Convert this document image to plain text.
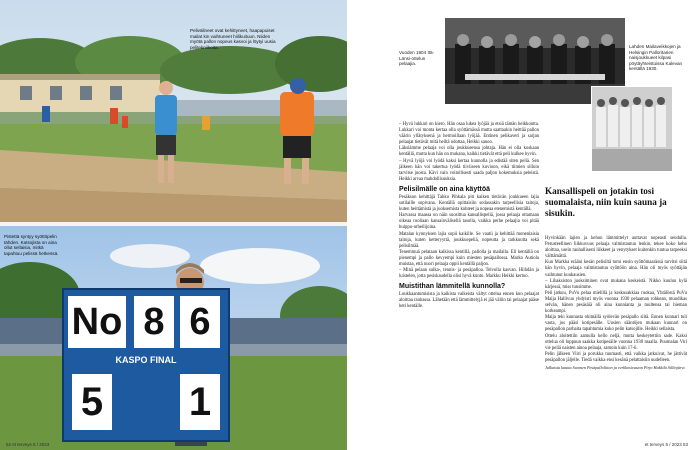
Pelivälineet ovat kehittyneet, haapapuiset mailat kin vaihtuneet hiilikuituun. Niiden myötä pallon nopeus kasvoi ja löytyi uusia pelitekniikoita.
No 8 6
KASPO FINAL
5 1
Pistettä syntyy syöttöpelin tähden. Katsojista on aina ollut sellaisia, mitkä tapahtuu pelissä hetkessä.
52 et terveys 5 / 2023
Vuoden 1904 Itä-Länsi-ottelun pelaajia.
Lahden Mailaveikkojen ja Helsingin Palloritarien naisjoukkueet kilpasi pöytäyhteistuissa Kalevan kentällä 1930.

– Hyvä lukkari on kiero. Hän osaa lukea lyöjää ja etsiä tämän heikkoutta. Lukkari voi monta kertaa olla syöttämässä mutta saattaakin heittää pallon väärin yllätyksenä ja hermoillaan lyöjää. Entinen pelikaveri ja sarjan pelaajat tietävät mitä heiltä odottaa, Heikki sanoo.

Läksiämme pelaaja voi olla joukkueensa johtaja. Hän ei olla koskaan kentällä, mutta kun hän on mukana, kaikki tietävät että peli kulkee hyvin.

– Hyvä lyöjä voi lyödä kaksi kertaa kunnolla ja edistää siten peliä. Sen jälkeen hän voi takertua lyödä tiiviiseen kuvioon, eikä tiimien silloin tarvitse juosta. Kävi vain voitollisesti saada paljon kokemuksia peleistä. Heikki arvaa mahdollisuuksia.

Pelisilmälle on aina käyttöä

Pesäkson kehittäjä Tahko Pihkala piti kaiken tietävän joukkueen lajia sotilaille sopivana. Kentällä opittaisiin sodassakin tarpeellisia taitoja, kuten heittämistä ja juoksemista kohteet ja nopeaa etenemistä kentällä.

Harvassa maassa on näin suosittua kansallispeliä, jossa pelaaja ottamaan oikeaa rooliaan kansainvälisellä tasolla, vaikka perhe pelaajia voi pitää huippu-urheilijoina.

Matalan kynnyksen lajia sopii kaikille. Se vaatii ja kehittää monenlaisia taitoja, kuten ketteryyttä, joukkuepeliä, nopeutta ja tarkkuutta sekä pelisilmää.

Tenemmuä pelataan kaikissa kentillä, pallolla ja mailalla. Eli kentällä on pienempi ja pallo kevyempi kuin miesten pesäpallossa. Marko Autiola muistaa, että nuori pelaaja oppii kentällä paljon.

– Minä pelaan sulka-, tennis- ja pesäpalloa. Telvolla kasvan. Hiihdän ja luistelen, jotta pesiskaudella olisi hyvä kunto. Markku Heikki kertoo.

Muistithan lämmitellä kunnolla?

Loukkaantumisista ja kaikista vaikeista vältyt ottelua ennen kun pelaajat aloittaa rauhassa. Lähetään että lämmittelyjä ei jää väliin tai pelaajat pääse heti kentälle.

Kansallispeli on jotakin tosi suomalaista, niin kuin sauna ja sisukin.

Hyvinkään lajien ja kehon lämmittelyt auttavat nopeasti seudulla. Perusteellinen liikkuvuus pelaaja valmistautuu lenkin, tekee koko keho aloittaa, usein rauhallisesti liikkeet ja venytykset kuitenkin tuntua tarpeeksi välttämättä.

Kun Markka erääni kesän pelisiltä tomi ensin syöttömaarässä tarvitsi siitä hän hyvin, pelaaja valmistautuu syöttöön aina. Hän oli myös syöttäjän vaihtunut kuukausien.

– Lihaksiston juoksiminen ovat mukana keskeistä. Nikko kuuluu kylä kärjessä, miss tunsimme.

Peli jatkuu, PuVu pelaa mielillä ja keskusakkiaa ruokaa, Yhtälöstä PuVu Maija Hallivuo yhdyisti myös vuonna 1930 pelaaman rohkean, muodikas selvän, hänen pesäsäiä oli aina kunnianta ja tuultensa tai hieman korkeampi.

Maija teki kunnasta ohimällä syölevän pesäpallo siitä. Ennen kunnari tuli vasta, jos pääsi kotipesälle. Uusien sääntöjen mukaan kunnari on pesäpallon parhaita tapahtumia koko pelin katsojille. Heikki sellaista.

Ottelu aloitettiin aamulla kello neljä, mutta keskeytettiin sade. Kaksi ottelua oli loppuun saakka kotipesälle vuonna 1930 maalla. Puumalan Viri vie peliä naisten ainoa pelaaja, samoin kuin 17-6.

Pelin jälkeen Viiri ja porukka tuumasti, että vaikka jatkuivat, he jättivät pesäpallon jäljelle. Tiedä vaikka ensi kesänä pelattaisiin uudelleen.

Julkaistu kautta Suomen Pesäpalloliiton ja verkkosivuston Pirjo Hakkilä Sillinjärvi.
et terveys 5 / 2023 53
